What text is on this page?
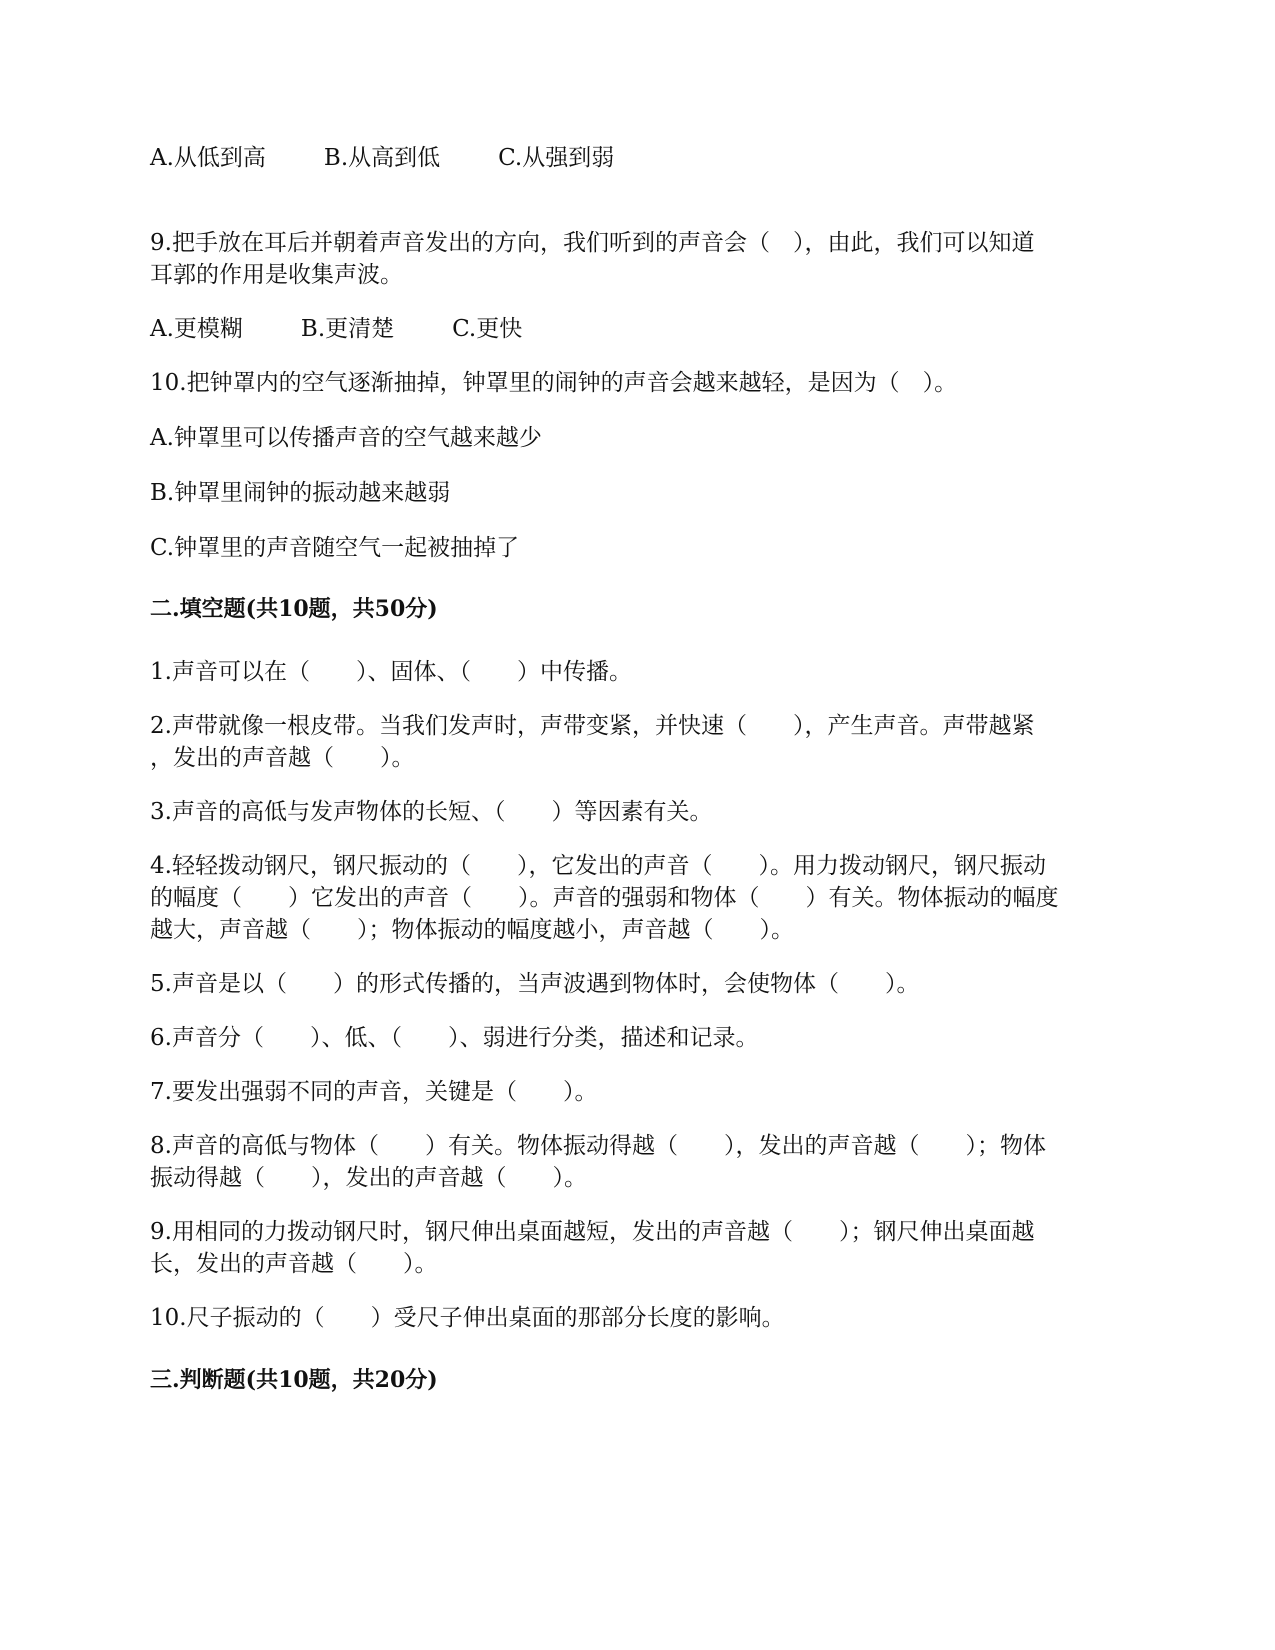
A.从低到高	B.从高到低	C.从强到弱
9.把手放在耳后并朝着声音发出的方向，我们听到的声音会（　），由此，我们可以知道
耳郭的作用是收集声波。
A.更模糊	B.更清楚	C.更快
10.把钟罩内的空气逐渐抽掉，钟罩里的闹钟的声音会越来越轻，是因为（　）。
A.钟罩里可以传播声音的空气越来越少
B.钟罩里闹钟的振动越来越弱
C.钟罩里的声音随空气一起被抽掉了
二.填空题(共10题，共50分)
1.声音可以在（　　）、固体、（　　）中传播。
2.声带就像一根皮带。当我们发声时，声带变紧，并快速（　　），产生声音。声带越紧
，发出的声音越（　　）。
3.声音的高低与发声物体的长短、（　　）等因素有关。
4.轻轻拨动钢尺，钢尺振动的（　　），它发出的声音（　　）。用力拨动钢尺，钢尺振动
的幅度（　　）它发出的声音（　　）。声音的强弱和物体（　　）有关。物体振动的幅度
越大，声音越（　　）；物体振动的幅度越小，声音越（　　）。
5.声音是以（　　）的形式传播的，当声波遇到物体时，会使物体（　　）。
6.声音分（　　）、低、（　　）、弱进行分类，描述和记录。
7.要发出强弱不同的声音，关键是（　　）。
8.声音的高低与物体（　　）有关。物体振动得越（　　），发出的声音越（　　）；物体
振动得越（　　），发出的声音越（　　）。
9.用相同的力拨动钢尺时，钢尺伸出桌面越短，发出的声音越（　　）；钢尺伸出桌面越
长，发出的声音越（　　）。
10.尺子振动的（　　）受尺子伸出桌面的那部分长度的影响。
三.判断题(共10题，共20分)
